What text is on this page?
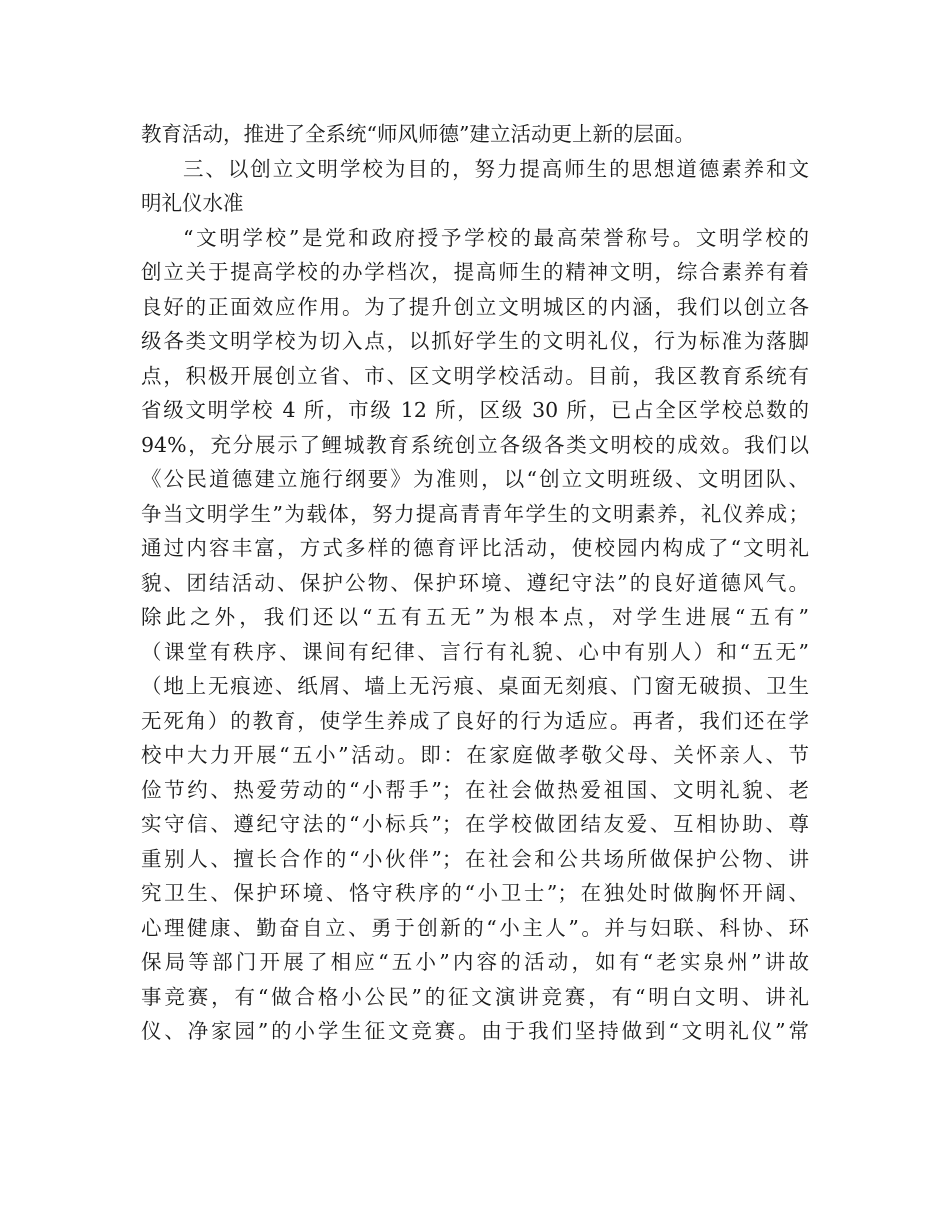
教育活动，推进了全系统“师风师德”建立活动更上新的层面。
三、以创立文明学校为目的，努力提高师生的思想道德素养和文
明礼仪水准
“文明学校”是党和政府授予学校的最高荣誉称号。文明学校的
创立关于提高学校的办学档次，提高师生的精神文明，综合素养有着
良好的正面效应作用。为了提升创立文明城区的内涵，我们以创立各
级各类文明学校为切入点，以抓好学生的文明礼仪，行为标准为落脚
点，积极开展创立省、市、区文明学校活动。目前，我区教育系统有
省级文明学校 4 所，市级 12 所，区级 30 所，已占全区学校总数的
94%，充分展示了鲤城教育系统创立各级各类文明校的成效。我们以
《公民道德建立施行纲要》为准则，以“创立文明班级、文明团队、
争当文明学生”为载体，努力提高青青年学生的文明素养，礼仪养成；
通过内容丰富，方式多样的德育评比活动，使校园内构成了“文明礼
貌、团结活动、保护公物、保护环境、遵纪守法”的良好道德风气。
除此之外，我们还以“五有五无”为根本点，对学生进展“五有”
（课堂有秩序、课间有纪律、言行有礼貌、心中有别人）和“五无”
（地上无痕迹、纸屑、墙上无污痕、桌面无刻痕、门窗无破损、卫生
无死角）的教育，使学生养成了良好的行为适应。再者，我们还在学
校中大力开展“五小”活动。即：在家庭做孝敬父母、关怀亲人、节
俭节约、热爱劳动的“小帮手”；在社会做热爱祖国、文明礼貌、老
实守信、遵纪守法的“小标兵”；在学校做团结友爱、互相协助、尊
重别人、擅长合作的“小伙伴”；在社会和公共场所做保护公物、讲
究卫生、保护环境、恪守秩序的“小卫士”；在独处时做胸怀开阔、
心理健康、勤奋自立、勇于创新的“小主人”。并与妇联、科协、环
保局等部门开展了相应“五小”内容的活动，如有“老实泉州”讲故
事竞赛，有“做合格小公民”的征文演讲竞赛，有“明白文明、讲礼
仪、净家园”的小学生征文竞赛。由于我们坚持做到“文明礼仪”常
